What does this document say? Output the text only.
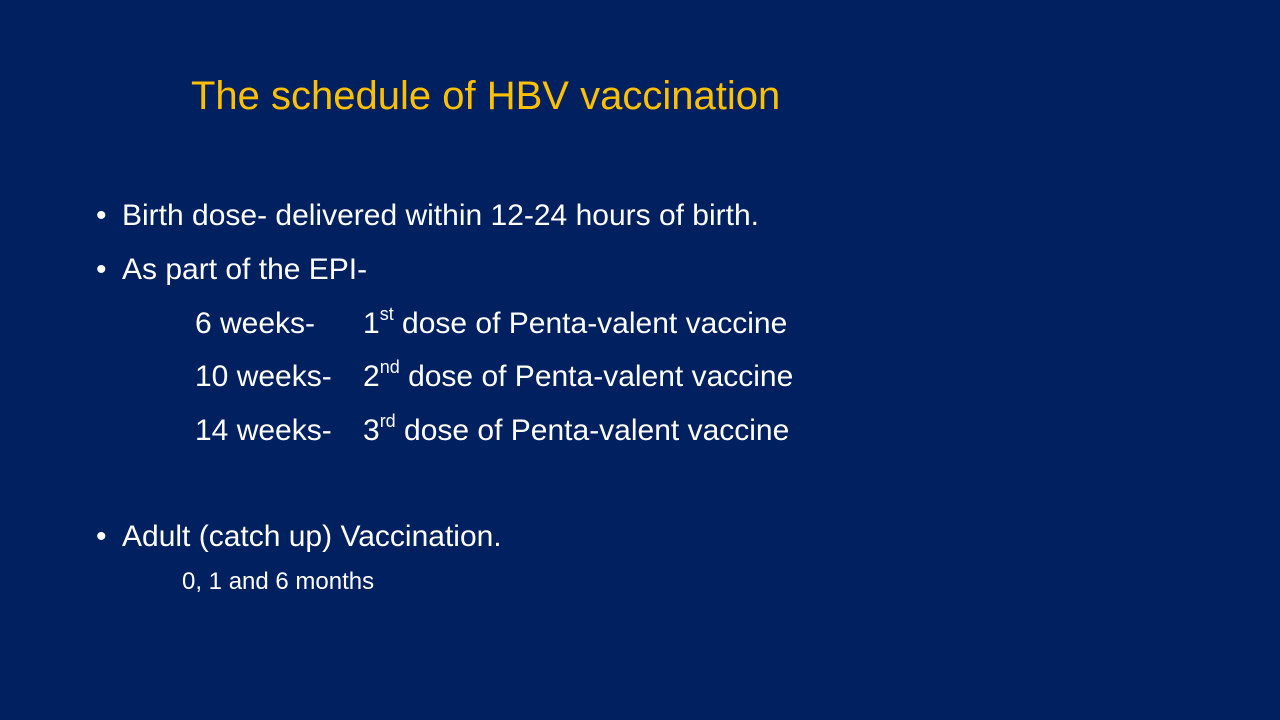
The schedule of HBV vaccination
• Birth dose- delivered within 12-24 hours of birth.
• As part of the EPI-
6 weeks- 1st dose of Penta-valent vaccine
10 weeks- 2nd dose of Penta-valent vaccine
14 weeks- 3rd dose of Penta-valent vaccine
• Adult (catch up) Vaccination.
0, 1 and 6 months
